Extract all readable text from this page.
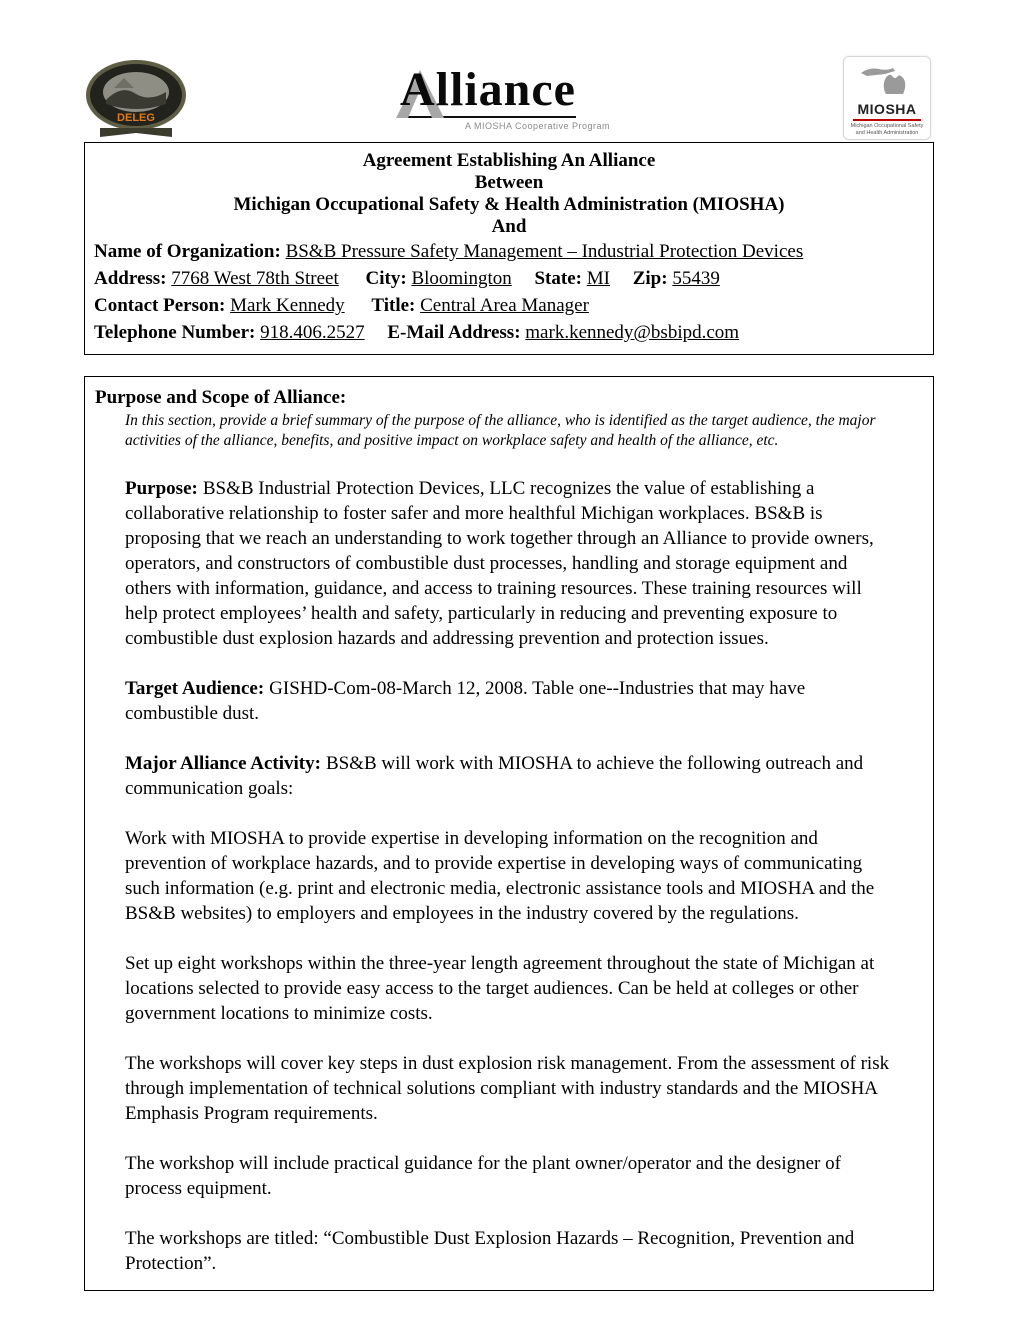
DELEG
Alliance
A MIOSHA Cooperative Program
MIOSHA
Michigan Occupational Safety
and Health Administration
Agreement Establishing An Alliance
Between
Michigan Occupational Safety & Health Administration (MIOSHA)
And
Name of Organization: BS&B Pressure Safety Management – Industrial Protection Devices
Address: 7768 West 78th Street City: Bloomington State: MI Zip: 55439
Contact Person: Mark Kennedy Title: Central Area Manager
Telephone Number: 918.406.2527 E-Mail Address: mark.kennedy@bsbipd.com
Purpose and Scope of Alliance:
In this section, provide a brief summary of the purpose of the alliance, who is identified as the target audience, the major activities of the alliance, benefits, and positive impact on workplace safety and health of the alliance, etc.

Purpose: BS&B Industrial Protection Devices, LLC recognizes the value of establishing a collaborative relationship to foster safer and more healthful Michigan workplaces. BS&B is proposing that we reach an understanding to work together through an Alliance to provide owners, operators, and constructors of combustible dust processes, handling and storage equipment and others with information, guidance, and access to training resources. These training resources will help protect employees’ health and safety, particularly in reducing and preventing exposure to combustible dust explosion hazards and addressing prevention and protection issues.

Target Audience: GISHD-Com-08-March 12, 2008. Table one--Industries that may have combustible dust.

Major Alliance Activity: BS&B will work with MIOSHA to achieve the following outreach and communication goals:

Work with MIOSHA to provide expertise in developing information on the recognition and prevention of workplace hazards, and to provide expertise in developing ways of communicating such information (e.g. print and electronic media, electronic assistance tools and MIOSHA and the BS&B websites) to employers and employees in the industry covered by the regulations.

Set up eight workshops within the three-year length agreement throughout the state of Michigan at locations selected to provide easy access to the target audiences. Can be held at colleges or other government locations to minimize costs.

The workshops will cover key steps in dust explosion risk management. From the assessment of risk through implementation of technical solutions compliant with industry standards and the MIOSHA Emphasis Program requirements.

The workshop will include practical guidance for the plant owner/operator and the designer of process equipment.

The workshops are titled: “Combustible Dust Explosion Hazards – Recognition, Prevention and Protection”.
